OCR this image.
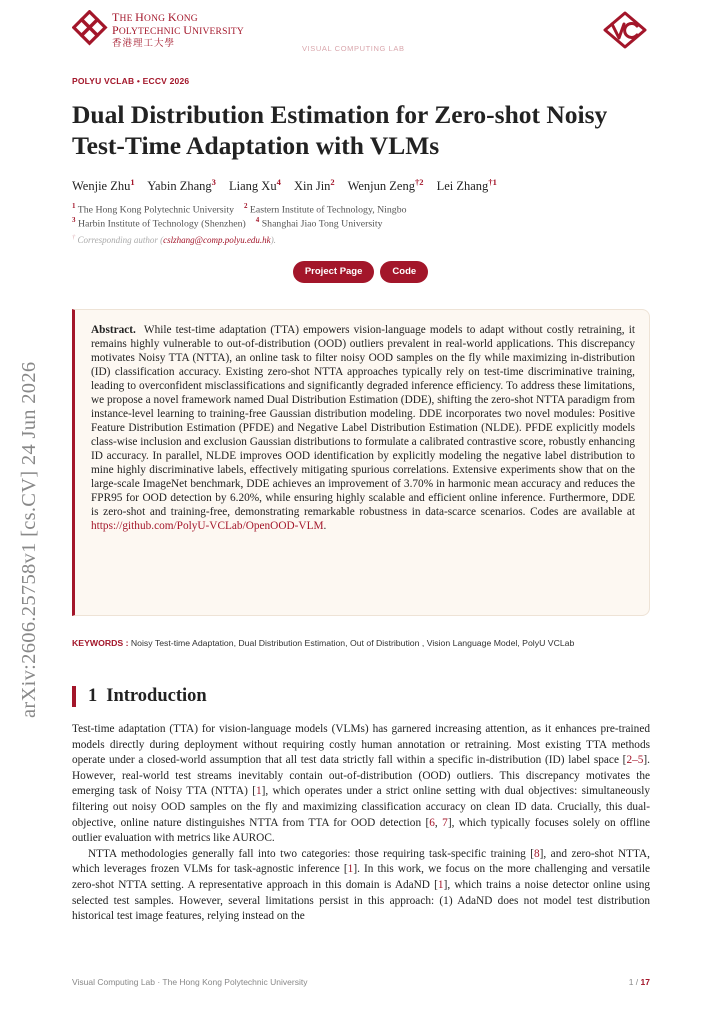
THE HONG KONG
POLYTECHNIC UNIVERSITY
香港理工大學	VISUAL COMPUTING LAB
POLYU VCLAB • ECCV 2026
Dual Distribution Estimation for Zero-shot Noisy Test-Time Adaptation with VLMs
Wenjie Zhu$^1$ Yabin Zhang$^3$ Liang Xu$^4$ Xin Jin$^2$ Wenjun Zeng$^{\dagger 2}$ Lei Zhang$^{\dagger 1}$
$^1$ The Hong Kong Polytechnic University $^2$ Eastern Institute of Technology, Ningbo
$^3$ Harbin Institute of Technology (Shenzhen) $^4$ Shanghai Jiao Tong University
† Corresponding author (cslzhang@comp.polyu.edu.hk).
Project Page	Code
arXiv:2606.25758v1 [cs.CV] 24 Jun 2026

Abstract. While test-time adaptation (TTA) empowers vision-language models to adapt without costly retraining, it remains highly vulnerable to out-of-distribution (OOD) outliers prevalent in real-world applications. This discrepancy motivates Noisy TTA (NTTA), an online task to filter noisy OOD samples on the fly while maximizing in-distribution (ID) classification accuracy. Existing zero-shot NTTA approaches typically rely on test-time discriminative training, leading to overconfident misclassifications and significantly degraded inference efficiency. To address these limitations, we propose a novel framework named Dual Distribution Estimation (DDE), shifting the zero-shot NTTA paradigm from instance-level learning to training-free Gaussian distribution modeling. DDE incorporates two novel modules: Positive Feature Distribution Estimation (PFDE) and Negative Label Distribution Estimation (NLDE). PFDE explicitly models class-wise inclusion and exclusion Gaussian distributions to formulate a calibrated contrastive score, robustly enhancing ID accuracy. In parallel, NLDE improves OOD identification by explicitly modeling the negative label distribution to mine highly discriminative labels, effectively mitigating spurious correlations. Extensive experiments show that on the large-scale ImageNet benchmark, DDE achieves an improvement of 3.70% in harmonic mean accuracy and reduces the FPR95 for OOD detection by 6.20%, while ensuring highly scalable and efficient online inference. Furthermore, DDE is zero-shot and training-free, demonstrating remarkable robustness in data-scarce scenarios. Codes are available at https://github.com/PolyU-VCLab/OpenOOD-VLM.

KEYWORDS : Noisy Test-time Adaptation, Dual Distribution Estimation, Out of Distribution , Vision Language Model, PolyU VCLab
1 Introduction

Test-time adaptation (TTA) for vision-language models (VLMs) has garnered increasing attention, as it enhances pre-trained models directly during deployment without requiring costly human annotation or retraining. Most existing TTA methods operate under a closed-world assumption that all test data strictly fall within a specific in-distribution (ID) label space [2–5]. However, real-world test streams inevitably contain out-of-distribution (OOD) outliers. This discrepancy motivates the emerging task of Noisy TTA (NTTA) [1], which operates under a strict online setting with dual objectives: simultaneously filtering out noisy OOD samples on the fly and maximizing classification accuracy on clean ID data. Crucially, this dual-objective, online nature distinguishes NTTA from TTA for OOD detection [6, 7], which typically focuses solely on offline outlier evaluation with metrics like AUROC.

NTTA methodologies generally fall into two categories: those requiring task-specific training [8], and zero-shot NTTA, which leverages frozen VLMs for task-agnostic inference [1]. In this work, we focus on the more challenging and versatile zero-shot NTTA setting. A representative approach in this domain is AdaND [1], which trains a noise detector online using selected test samples. However, several limitations persist in this approach: (1) AdaND does not model test distribution historical test image features, relying instead on the

Visual Computing Lab · The Hong Kong Polytechnic University	1 / 17
